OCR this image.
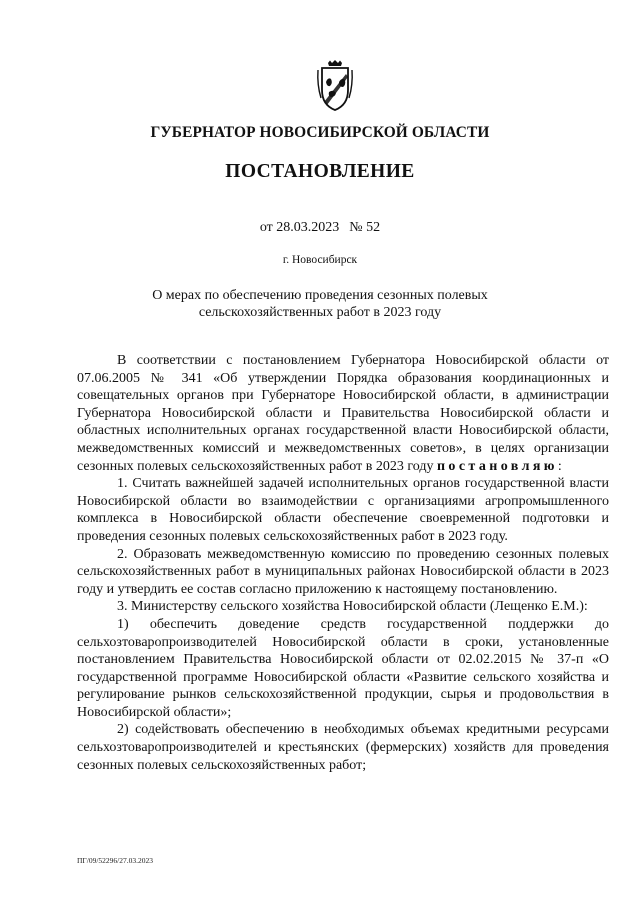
ГУБЕРНАТОР НОВОСИБИРСКОЙ ОБЛАСТИ
ПОСТАНОВЛЕНИЕ
от 28.03.2023 № 52
г. Новосибирск
О мерах по обеспечению проведения сезонных полевых
сельскохозяйственных работ в 2023 году

В соответствии с постановлением Губернатора Новосибирской области от 07.06.2005 № 341 «Об утверждении Порядка образования координационных и совещательных органов при Губернаторе Новосибирской области, в администрации Губернатора Новосибирской области и Правительства Новосибирской области и областных исполнительных органах государственной власти Новосибирской области, межведомственных комиссий и межведомственных советов», в целях организации сезонных полевых сельскохозяйственных работ в 2023 году постановляю:

1. Считать важнейшей задачей исполнительных органов государственной власти Новосибирской области во взаимодействии с организациями агропромышленного комплекса в Новосибирской области обеспечение своевременной подготовки и проведения сезонных полевых сельскохозяйственных работ в 2023 году.

2. Образовать межведомственную комиссию по проведению сезонных полевых сельскохозяйственных работ в муниципальных районах Новосибирской области в 2023 году и утвердить ее состав согласно приложению к настоящему постановлению.

3. Министерству сельского хозяйства Новосибирской области (Лещенко Е.М.):

1) обеспечить доведение средств государственной поддержки до сельхозтоваропроизводителей Новосибирской области в сроки, установленные постановлением Правительства Новосибирской области от 02.02.2015 № 37-п «О государственной программе Новосибирской области «Развитие сельского хозяйства и регулирование рынков сельскохозяйственной продукции, сырья и продовольствия в Новосибирской области»;

2) содействовать обеспечению в необходимых объемах кредитными ресурсами сельхозтоваропроизводителей и крестьянских (фермерских) хозяйств для проведения сезонных полевых сельскохозяйственных работ;

ПГ/09/52296/27.03.2023
